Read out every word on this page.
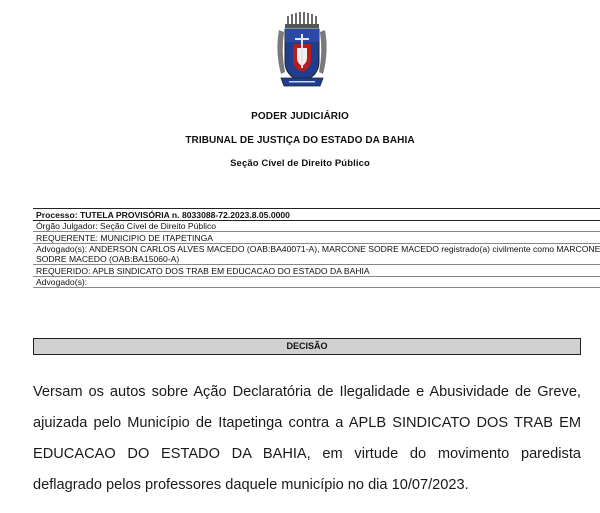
PODER JUDICIÁRIO
TRIBUNAL DE JUSTIÇA DO ESTADO DA BAHIA
Seção Cível de Direito Público
Processo: TUTELA PROVISÓRIA n. 8033088-72.2023.8.05.0000
Órgão Julgador: Seção Cível de Direito Público
REQUERENTE: MUNICIPIO DE ITAPETINGA
Advogado(s): ANDERSON CARLOS ALVES MACEDO (OAB:BA40071-A), MARCONE SODRE MACEDO registrado(a) civilmente como MARCONE SODRE MACEDO (OAB:BA15060-A)
REQUERIDO: APLB SINDICATO DOS TRAB EM EDUCACAO DO ESTADO DA BAHIA
Advogado(s):
DECISÃO
Versam os autos sobre Ação Declaratória de Ilegalidade e Abusividade de Greve, ajuizada pelo Município de Itapetinga contra a APLB SINDICATO DOS TRAB EM EDUCACAO DO ESTADO DA BAHIA, em virtude do movimento paredista deflagrado pelos professores daquele município no dia 10/07/2023.
